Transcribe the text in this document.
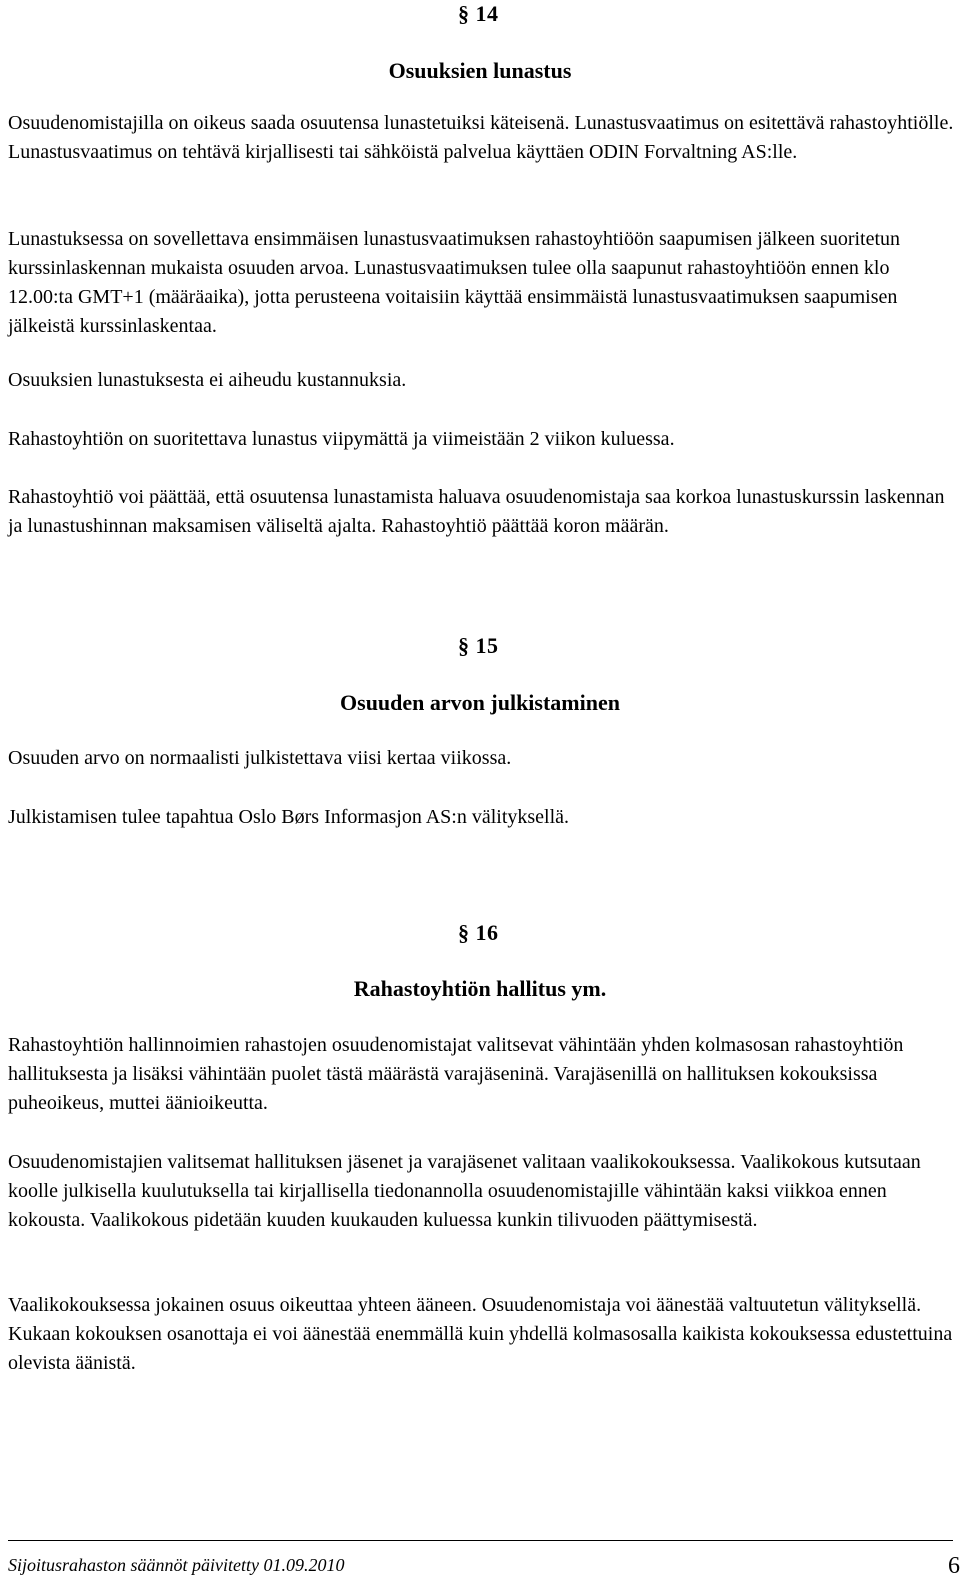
§ 14
Osuuksien lunastus

Osuudenomistajilla on oikeus saada osuutensa lunastetuiksi käteisenä. Lunastusvaatimus on esitettävä rahastoyhtiölle. Lunastusvaatimus on tehtävä kirjallisesti tai sähköistä palvelua käyttäen ODIN Forvaltning AS:lle.

Lunastuksessa on sovellettava ensimmäisen lunastusvaatimuksen rahastoyhtiöön saapumisen jälkeen suoritetun kurssinlaskennan mukaista osuuden arvoa. Lunastusvaatimuksen tulee olla saapunut rahastoyhtiöön ennen klo 12.00:ta GMT+1 (määräaika), jotta perusteena voitaisiin käyttää ensimmäistä lunastusvaatimuksen saapumisen jälkeistä kurssinlaskentaa.

Osuuksien lunastuksesta ei aiheudu kustannuksia.

Rahastoyhtiön on suoritettava lunastus viipymättä ja viimeistään 2 viikon kuluessa.

Rahastoyhtiö voi päättää, että osuutensa lunastamista haluava osuudenomistaja saa korkoa lunastuskurssin laskennan ja lunastushinnan maksamisen väliseltä ajalta. Rahastoyhtiö päättää koron määrän.

§ 15
Osuuden arvon julkistaminen

Osuuden arvo on normaalisti julkistettava viisi kertaa viikossa.

Julkistamisen tulee tapahtua Oslo Børs Informasjon AS:n välityksellä.

§ 16
Rahastoyhtiön hallitus ym.

Rahastoyhtiön hallinnoimien rahastojen osuudenomistajat valitsevat vähintään yhden kolmasosan rahastoyhtiön hallituksesta ja lisäksi vähintään puolet tästä määrästä varajäseninä. Varajäsenillä on hallituksen kokouksissa puheoikeus, muttei äänioikeutta.

Osuudenomistajien valitsemat hallituksen jäsenet ja varajäsenet valitaan vaalikokouksessa. Vaalikokous kutsutaan koolle julkisella kuulutuksella tai kirjallisella tiedonannolla osuudenomistajille vähintään kaksi viikkoa ennen kokousta. Vaalikokous pidetään kuuden kuukauden kuluessa kunkin tilivuoden päättymisestä.

Vaalikokouksessa jokainen osuus oikeuttaa yhteen ääneen. Osuudenomistaja voi äänestää valtuutetun välityksellä. Kukaan kokouksen osanottaja ei voi äänestää enemmällä kuin yhdellä kolmasosalla kaikista kokouksessa edustettuina olevista äänistä.

Sijoitusrahaston säännöt päivitetty 01.09.2010	6
